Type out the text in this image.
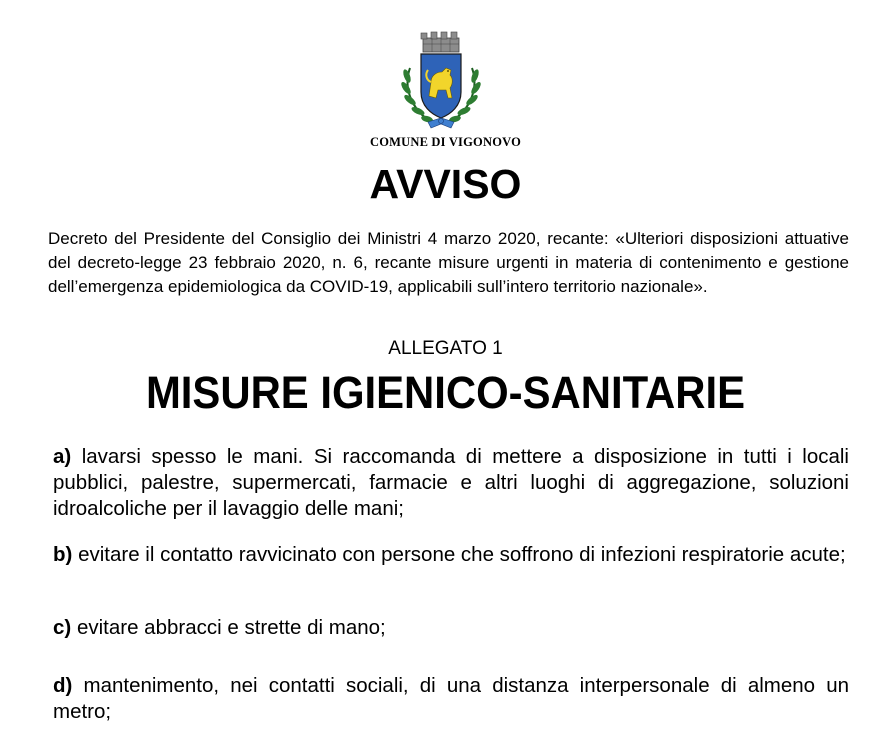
COMUNE DI VIGONOVO
AVVISO
Decreto del Presidente del Consiglio dei Ministri 4 marzo 2020, recante: «Ulteriori disposizioni attuative del decreto-legge 23 febbraio 2020, n. 6, recante misure urgenti in materia di contenimento e gestione dell’emergenza epidemiologica da COVID-19, applicabili sull’intero territorio nazionale».
ALLEGATO 1
MISURE IGIENICO-SANITARIE
a) lavarsi spesso le mani. Si raccomanda di mettere a disposizione in tutti i locali pubblici, palestre, supermercati, farmacie e altri luoghi di aggregazione, soluzioni idroalcoliche per il lavaggio delle mani;
b) evitare il contatto ravvicinato con persone che soffrono di infezioni respiratorie acute;
c) evitare abbracci e strette di mano;
d) mantenimento, nei contatti sociali, di una distanza interpersonale di almeno un metro;
